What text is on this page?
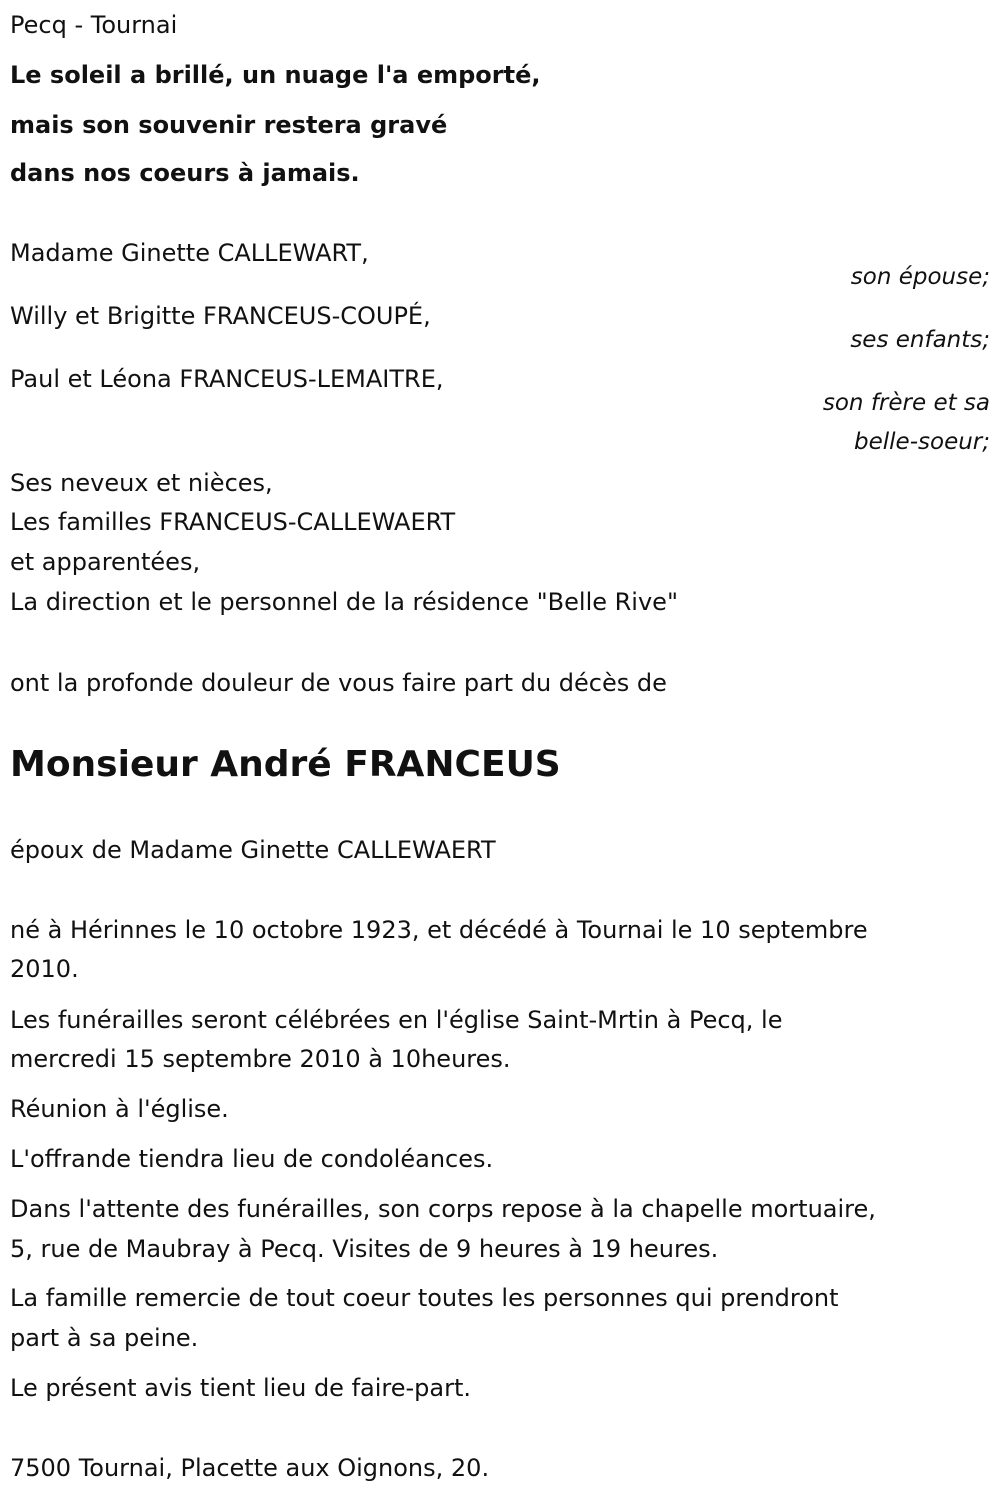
Pecq - Tournai
Le soleil a brillé, un nuage l'a emporté,
mais son souvenir restera gravé
dans nos coeurs à jamais.
Madame Ginette CALLEWART,
son épouse;
Willy et Brigitte FRANCEUS-COUPÉ,
ses enfants;
Paul et Léona FRANCEUS-LEMAITRE,
son frère et sa
belle-soeur;
Ses neveux et nièces,
Les familles FRANCEUS-CALLEWAERT
et apparentées,
La direction et le personnel de la résidence "Belle Rive"
ont la profonde douleur de vous faire part du décès de
Monsieur André FRANCEUS
époux de Madame Ginette CALLEWAERT
né à Hérinnes le 10 octobre 1923, et décédé à Tournai le 10 septembre
2010.
Les funérailles seront célébrées en l'église Saint-Mrtin à Pecq, le
mercredi 15 septembre 2010 à 10heures.
Réunion à l'église.
L'offrande tiendra lieu de condoléances.
Dans l'attente des funérailles, son corps repose à la chapelle mortuaire,
5, rue de Maubray à Pecq. Visites de 9 heures à 19 heures.
La famille remercie de tout coeur toutes les personnes qui prendront
part à sa peine.
Le présent avis tient lieu de faire-part.
7500 Tournai, Placette aux Oignons, 20.
